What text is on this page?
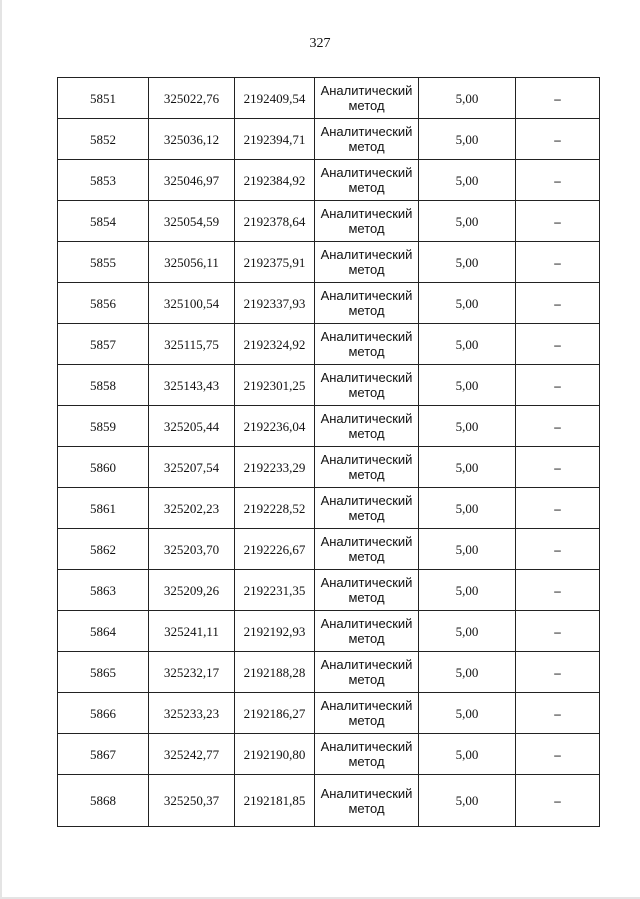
327
5851	325022,76	2192409,54	Аналитический метод	5,00	–
5852	325036,12	2192394,71	Аналитический метод	5,00	–
5853	325046,97	2192384,92	Аналитический метод	5,00	–
5854	325054,59	2192378,64	Аналитический метод	5,00	–
5855	325056,11	2192375,91	Аналитический метод	5,00	–
5856	325100,54	2192337,93	Аналитический метод	5,00	–
5857	325115,75	2192324,92	Аналитический метод	5,00	–
5858	325143,43	2192301,25	Аналитический метод	5,00	–
5859	325205,44	2192236,04	Аналитический метод	5,00	–
5860	325207,54	2192233,29	Аналитический метод	5,00	–
5861	325202,23	2192228,52	Аналитический метод	5,00	–
5862	325203,70	2192226,67	Аналитический метод	5,00	–
5863	325209,26	2192231,35	Аналитический метод	5,00	–
5864	325241,11	2192192,93	Аналитический метод	5,00	–
5865	325232,17	2192188,28	Аналитический метод	5,00	–
5866	325233,23	2192186,27	Аналитический метод	5,00	–
5867	325242,77	2192190,80	Аналитический метод	5,00	–
5868	325250,37	2192181,85	Аналитический метод	5,00	–
